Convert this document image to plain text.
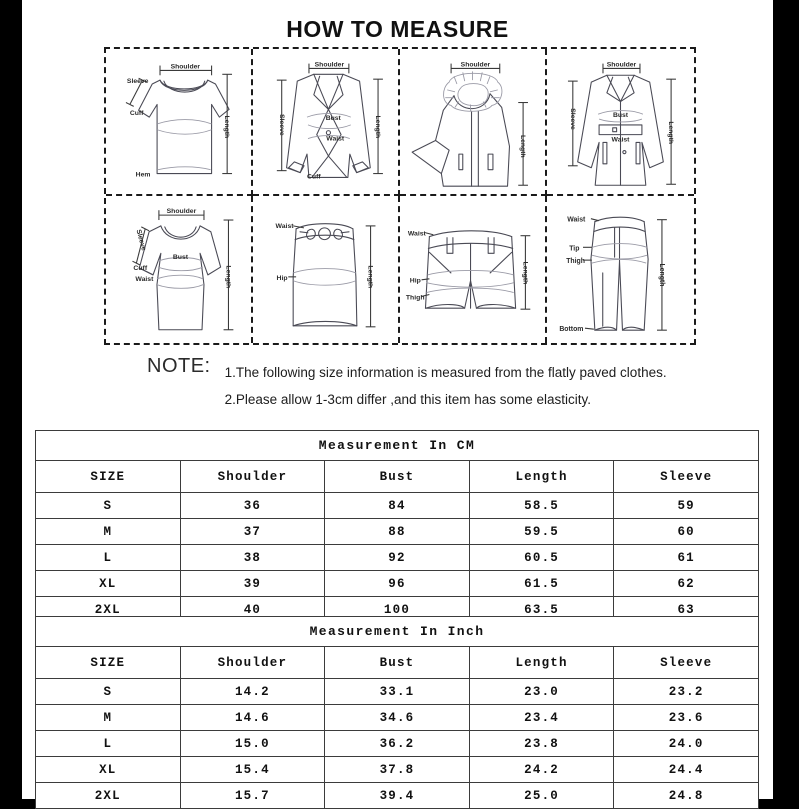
HOW TO MEASURE
Shoulder
Sleeve
Cuff
Hem
Length
Shoulder
Sleeve	Bust
Waist
Cuff
Length
Shoulder
Length
Shoulder
Sleeve	Bust
Waist	Length
Shoulder
Sleeve
Bust
Cuff
Waist	Length
Waist
Hip	Length
Waist
Hip
Thigh
Length
Waist
Tip
Thigh
Bottom
Length
NOTE: 1.The following size information is measured from the flatly paved clothes.
2.Please allow 1-3cm differ ,and this item has some elasticity.
Measurement In CM				
SIZE	Shoulder	Bust	Length	Sleeve
S	36	84	58.5	59
M	37	88	59.5	60
L	38	92	60.5	61
XL	39	96	61.5	62
2XL	40	100	63.5	63
Measurement In Inch				
SIZE	Shoulder	Bust	Length	Sleeve
S	14.2	33.1	23.0	23.2
M	14.6	34.6	23.4	23.6
L	15.0	36.2	23.8	24.0
XL	15.4	37.8	24.2	24.4
2XL	15.7	39.4	25.0	24.8
